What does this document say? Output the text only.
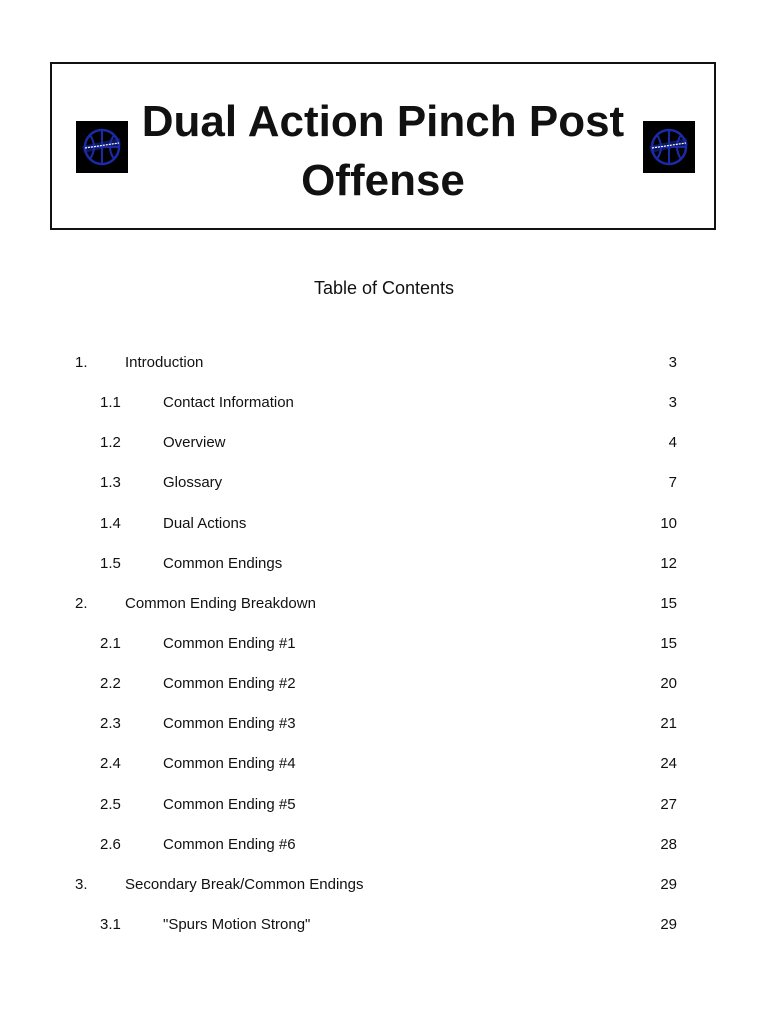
Dual Action Pinch Post
Offense
Table of Contents
1. Introduction	3
1.1	Contact Information	3
1.2	Overview	4
1.3	Glossary	7
1.4	Dual Actions	10
1.5	Common Endings	12
2. Common Ending Breakdown	15
2.1	Common Ending #1	15
2.2	Common Ending #2	20
2.3	Common Ending #3	21
2.4	Common Ending #4	24
2.5	Common Ending #5	27
2.6	Common Ending #6	28
3. Secondary Break/Common Endings	29
3.1	"Spurs Motion Strong"	29
